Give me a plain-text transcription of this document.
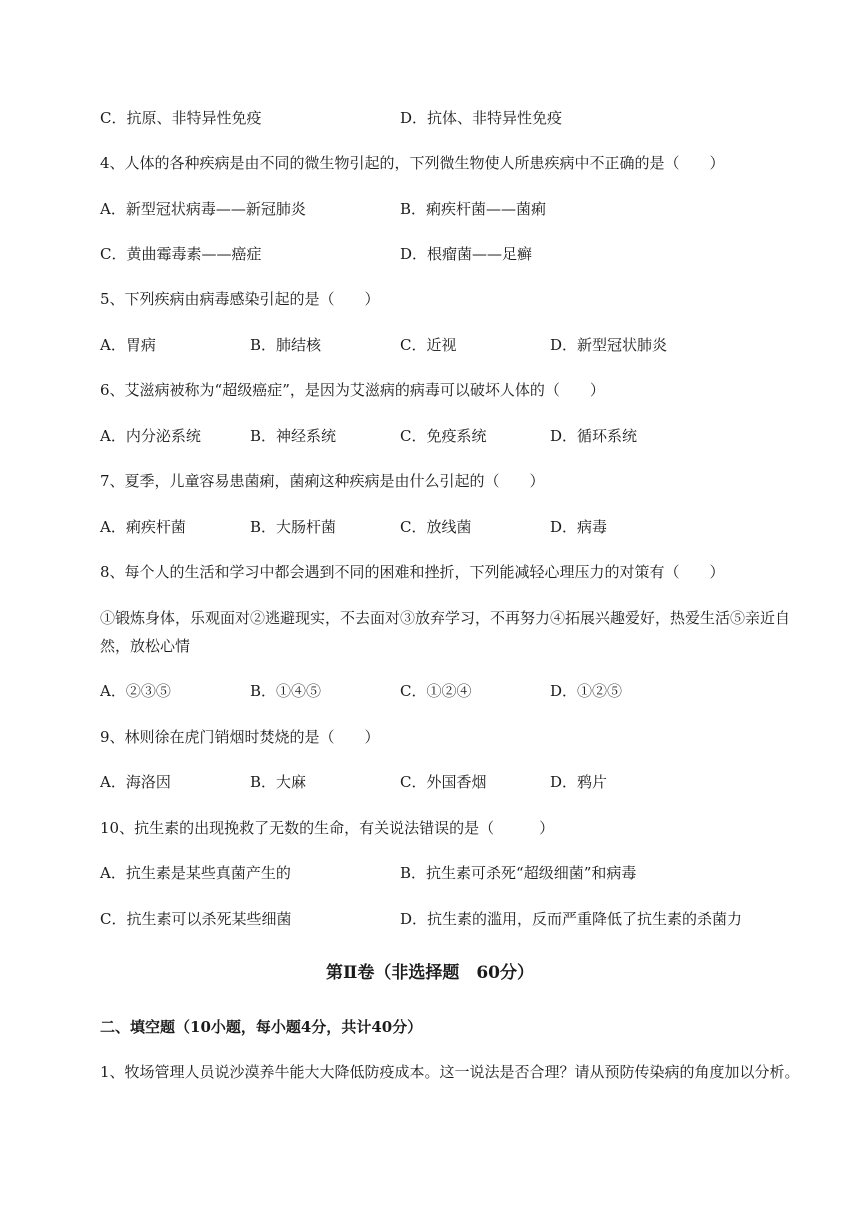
C．抗原、非特异性免疫	D．抗体、非特异性免疫
4、人体的各种疾病是由不同的微生物引起的，下列微生物使人所患疾病中不正确的是（　　）
A．新型冠状病毒——新冠肺炎	B．痢疾杆菌——菌痢
C．黄曲霉毒素——癌症	D．根瘤菌——足癣
5、下列疾病由病毒感染引起的是（　　）
A．胃病	B．肺结核	C．近视	D．新型冠状肺炎
6、艾滋病被称为“超级癌症”，是因为艾滋病的病毒可以破坏人体的（　　）
A．内分泌系统	B．神经系统	C．免疫系统	D．循环系统
7、夏季，儿童容易患菌痢，菌痢这种疾病是由什么引起的（　　）
A．痢疾杆菌	B．大肠杆菌	C．放线菌	D．病毒
8、每个人的生活和学习中都会遇到不同的困难和挫折，下列能减轻心理压力的对策有（　　）
①锻炼身体，乐观面对②逃避现实，不去面对③放弃学习，不再努力④拓展兴趣爱好，热爱生活⑤亲近自然，放松心情
A．②③⑤	B．①④⑤	C．①②④	D．①②⑤
9、林则徐在虎门销烟时焚烧的是（　　）
A．海洛因	B．大麻	C．外国香烟	D．鸦片
10、抗生素的出现挽救了无数的生命，有关说法错误的是（　　　）
A．抗生素是某些真菌产生的	B．抗生素可杀死“超级细菌”和病毒
C．抗生素可以杀死某些细菌	D．抗生素的滥用，反而严重降低了抗生素的杀菌力
第Ⅱ卷（非选择题　60分）
二、填空题（10小题，每小题4分，共计40分）
1、牧场管理人员说沙漠养牛能大大降低防疫成本。这一说法是否合理？请从预防传染病的角度加以分析。
